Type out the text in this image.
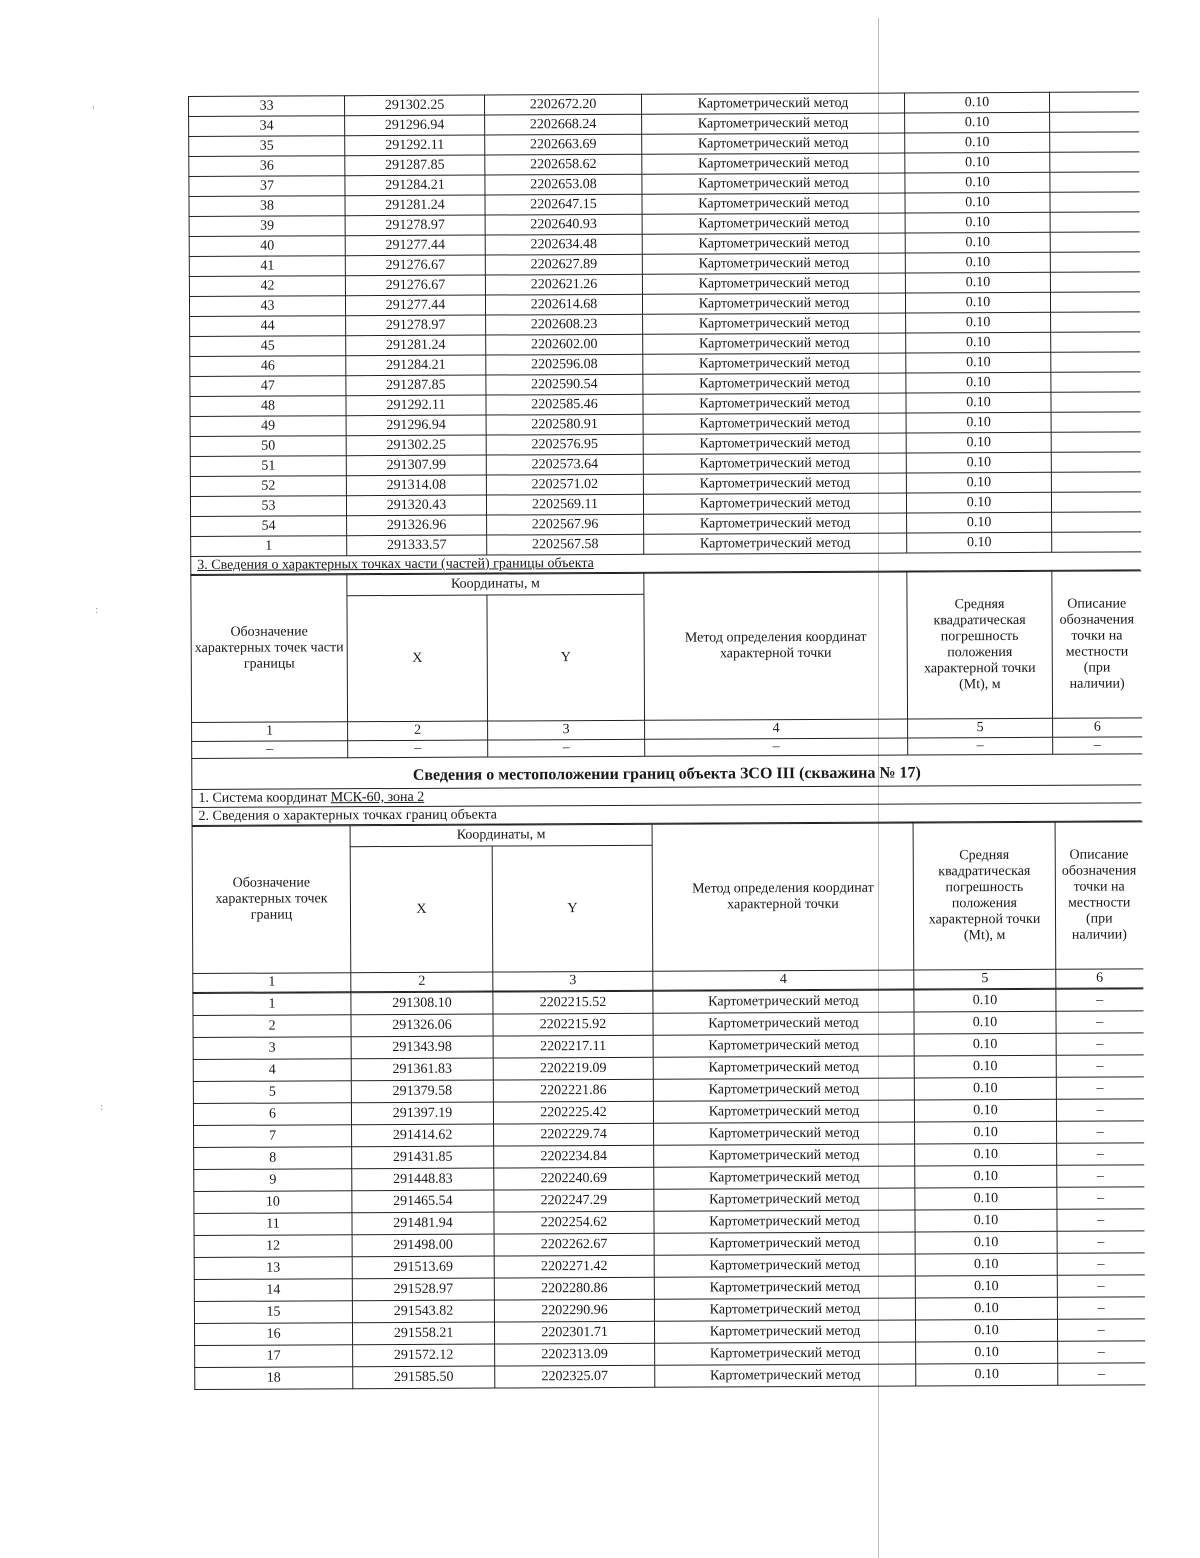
'
:
:
33	291302.25	2202672.20	Картометрический метод	0.10	
34	291296.94	2202668.24	Картометрический метод	0.10	
35	291292.11	2202663.69	Картометрический метод	0.10	
36	291287.85	2202658.62	Картометрический метод	0.10	
37	291284.21	2202653.08	Картометрический метод	0.10	
38	291281.24	2202647.15	Картометрический метод	0.10	
39	291278.97	2202640.93	Картометрический метод	0.10	
40	291277.44	2202634.48	Картометрический метод	0.10	
41	291276.67	2202627.89	Картометрический метод	0.10	
42	291276.67	2202621.26	Картометрический метод	0.10	
43	291277.44	2202614.68	Картометрический метод	0.10	
44	291278.97	2202608.23	Картометрический метод	0.10	
45	291281.24	2202602.00	Картометрический метод	0.10	
46	291284.21	2202596.08	Картометрический метод	0.10	
47	291287.85	2202590.54	Картометрический метод	0.10	
48	291292.11	2202585.46	Картометрический метод	0.10	
49	291296.94	2202580.91	Картометрический метод	0.10	
50	291302.25	2202576.95	Картометрический метод	0.10	
51	291307.99	2202573.64	Картометрический метод	0.10	
52	291314.08	2202571.02	Картометрический метод	0.10	
53	291320.43	2202569.11	Картометрический метод	0.10	
54	291326.96	2202567.96	Картометрический метод	0.10	
1	291333.57	2202567.58	Картометрический метод	0.10	
3. Сведения о характерных точках части (частей) границы объекта
Обозначение характерных точек части границы	Координаты, м		Метод определения координат характерной точки	Средняя квадратическая погрешность положения характерной точки (Mt), м	Описание обозначения точки на местности (при наличии)
	X	Y			
1	2	3	4	5	6
–	–	–	–	–	–
Сведения о местоположении границ объекта ЗСО III (скважина № 17)
1. Система координат МСК-60, зона 2
2. Сведения о характерных точках границ объекта
Обозначение характерных точек границ	Координаты, м		Метод определения координат характерной точки	Средняя квадратическая погрешность положения характерной точки (Mt), м	Описание обозначения точки на местности (при наличии)
	X	Y			
1	2	3	4	5	6
1	291308.10	2202215.52	Картометрический метод	0.10	–
2	291326.06	2202215.92	Картометрический метод	0.10	–
3	291343.98	2202217.11	Картометрический метод	0.10	–
4	291361.83	2202219.09	Картометрический метод	0.10	–
5	291379.58	2202221.86	Картометрический метод	0.10	–
6	291397.19	2202225.42	Картометрический метод	0.10	–
7	291414.62	2202229.74	Картометрический метод	0.10	–
8	291431.85	2202234.84	Картометрический метод	0.10	–
9	291448.83	2202240.69	Картометрический метод	0.10	–
10	291465.54	2202247.29	Картометрический метод	0.10	–
11	291481.94	2202254.62	Картометрический метод	0.10	–
12	291498.00	2202262.67	Картометрический метод	0.10	–
13	291513.69	2202271.42	Картометрический метод	0.10	–
14	291528.97	2202280.86	Картометрический метод	0.10	–
15	291543.82	2202290.96	Картометрический метод	0.10	–
16	291558.21	2202301.71	Картометрический метод	0.10	–
17	291572.12	2202313.09	Картометрический метод	0.10	–
18	291585.50	2202325.07	Картометрический метод	0.10	–
